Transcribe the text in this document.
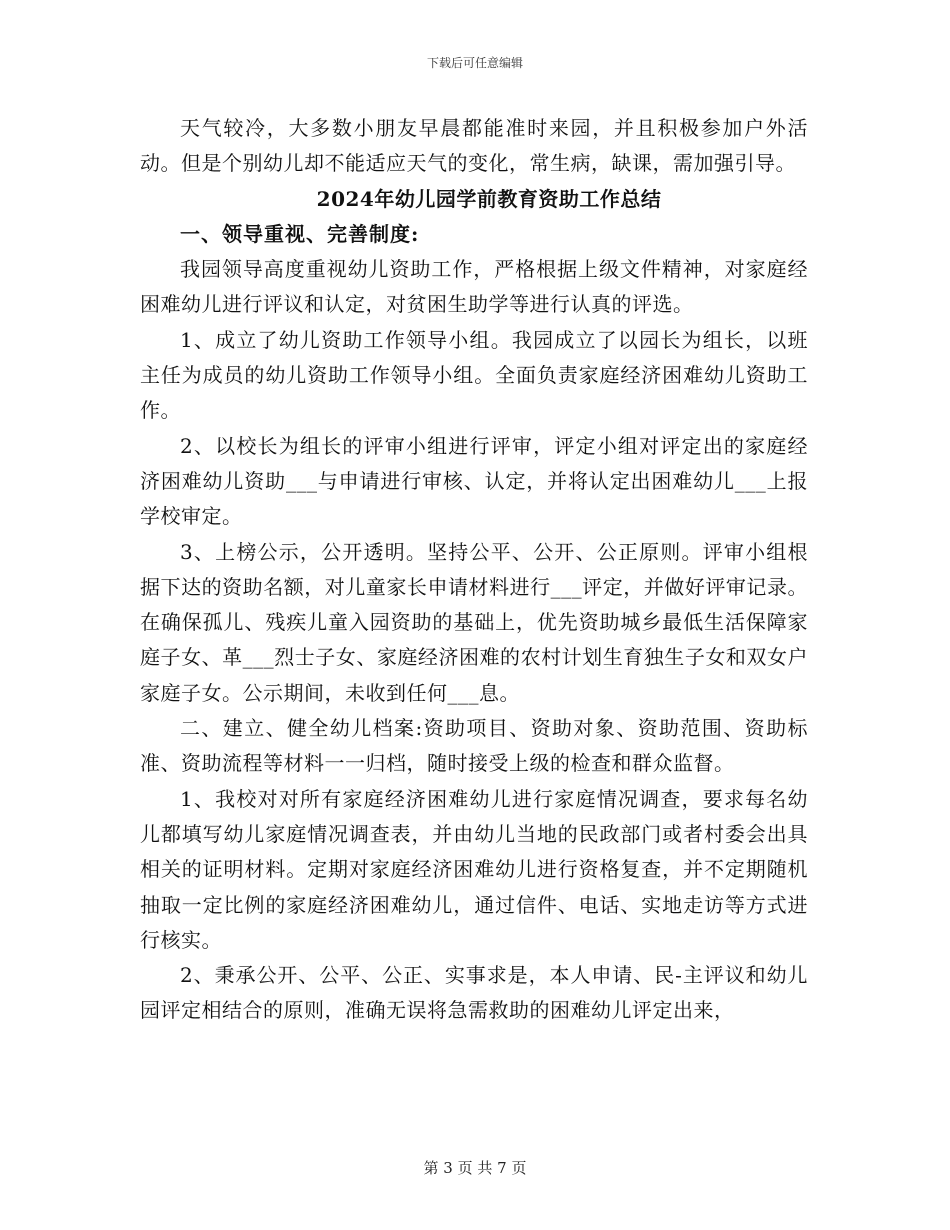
下载后可任意编辑

天气较冷，大多数小朋友早晨都能准时来园，并且积极参加户外活动。但是个别幼儿却不能适应天气的变化，常生病，缺课，需加强引导。

2024年幼儿园学前教育资助工作总结

一、领导重视、完善制度:

我园领导高度重视幼儿资助工作，严格根据上级文件精神，对家庭经困难幼儿进行评议和认定，对贫困生助学等进行认真的评选。

1、成立了幼儿资助工作领导小组。我园成立了以园长为组长，以班主任为成员的幼儿资助工作领导小组。全面负责家庭经济困难幼儿资助工作。

2、以校长为组长的评审小组进行评审，评定小组对评定出的家庭经济困难幼儿资助___与申请进行审核、认定，并将认定出困难幼儿___上报学校审定。

3、上榜公示，公开透明。坚持公平、公开、公正原则。评审小组根据下达的资助名额，对儿童家长申请材料进行___评定，并做好评审记录。在确保孤儿、残疾儿童入园资助的基础上，优先资助城乡最低生活保障家庭子女、革___烈士子女、家庭经济困难的农村计划生育独生子女和双女户家庭子女。公示期间，未收到任何___息。

二、建立、健全幼儿档案:资助项目、资助对象、资助范围、资助标准、资助流程等材料一一归档，随时接受上级的检查和群众监督。

1、我校对对所有家庭经济困难幼儿进行家庭情况调查，要求每名幼儿都填写幼儿家庭情况调查表，并由幼儿当地的民政部门或者村委会出具相关的证明材料。定期对家庭经济困难幼儿进行资格复查，并不定期随机抽取一定比例的家庭经济困难幼儿，通过信件、电话、实地走访等方式进行核实。

2、秉承公开、公平、公正、实事求是，本人申请、民-主评议和幼儿园评定相结合的原则，准确无误将急需救助的困难幼儿评定出来，

第 3 页 共 7 页
